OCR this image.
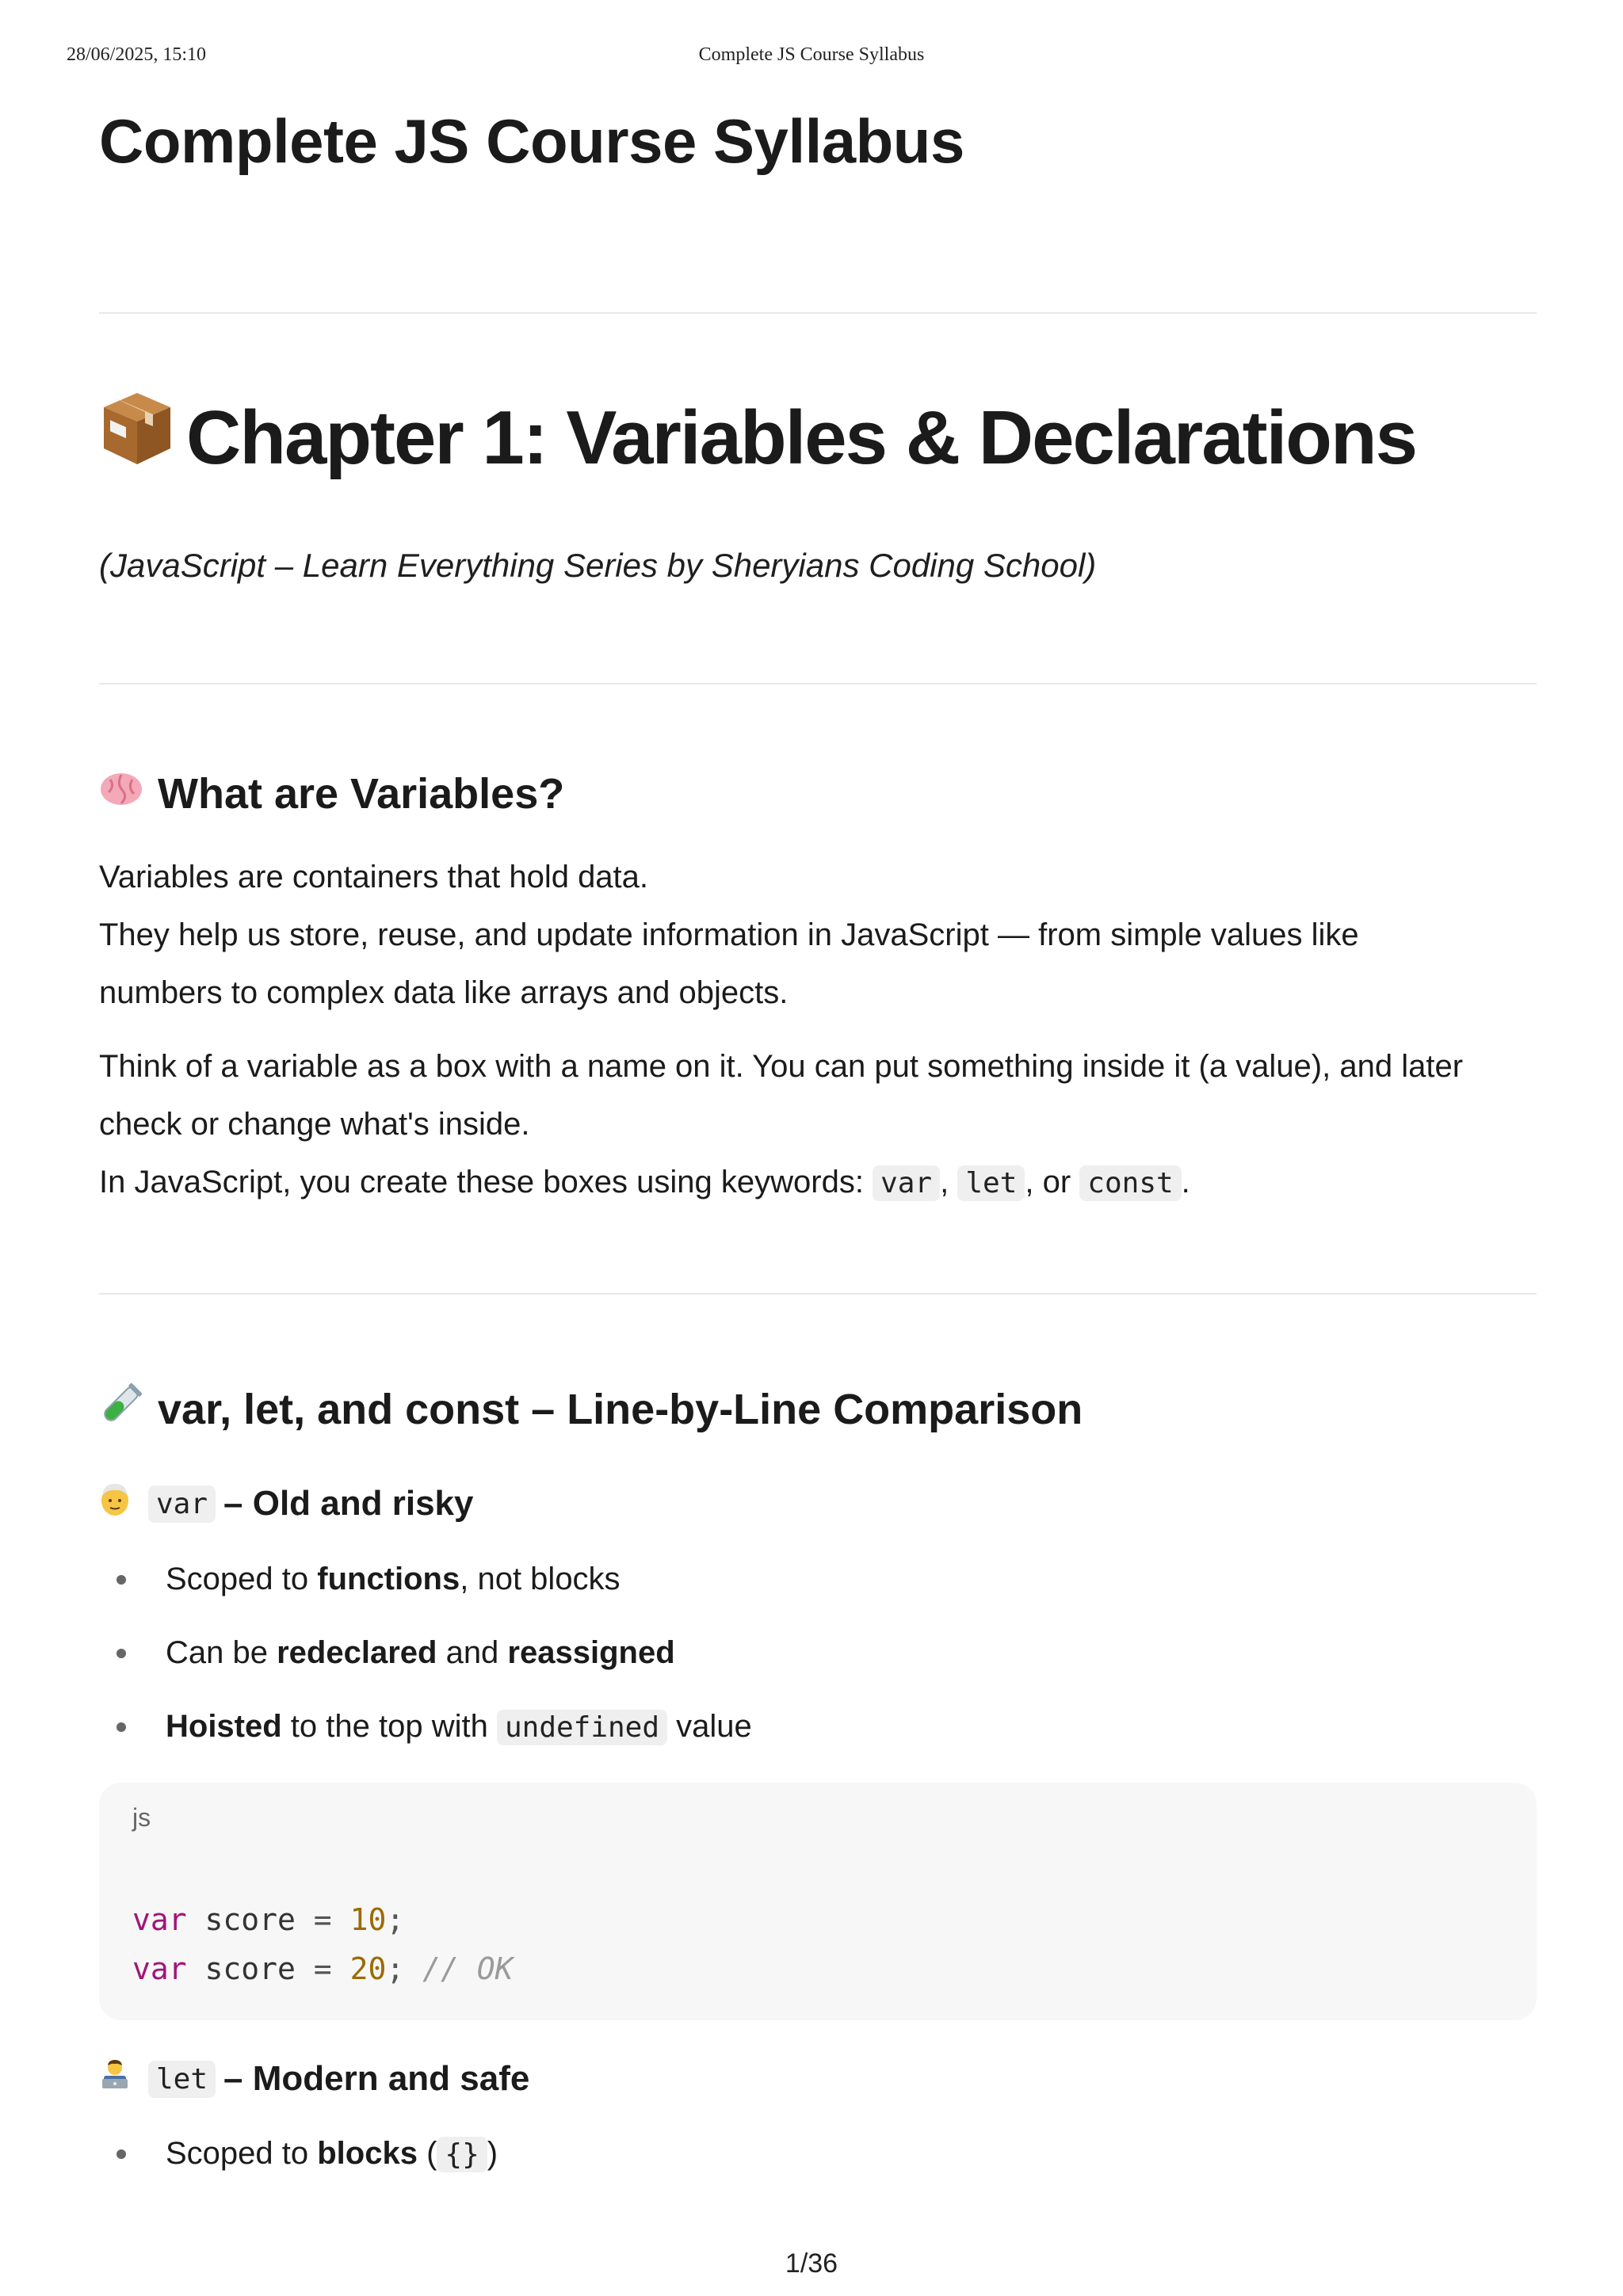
28/06/2025, 15:10	Complete JS Course Syllabus
Complete JS Course Syllabus
Chapter 1: Variables & Declarations
(JavaScript – Learn Everything Series by Sheryians Coding School)
What are Variables?
Variables are containers that hold data.
They help us store, reuse, and update information in JavaScript — from simple values like
numbers to complex data like arrays and objects.
Think of a variable as a box with a name on it. You can put something inside it (a value), and later
check or change what's inside.
In JavaScript, you create these boxes using keywords: var , let , or const .
var, let, and const – Line-by-Line Comparison
var – Old and risky
Scoped to functions, not blocks
Can be redeclared and reassigned
Hoisted to the top with undefined value
js
var score = 10;
var score = 20; // OK
let – Modern and safe
Scoped to blocks ( {} )
1/36
